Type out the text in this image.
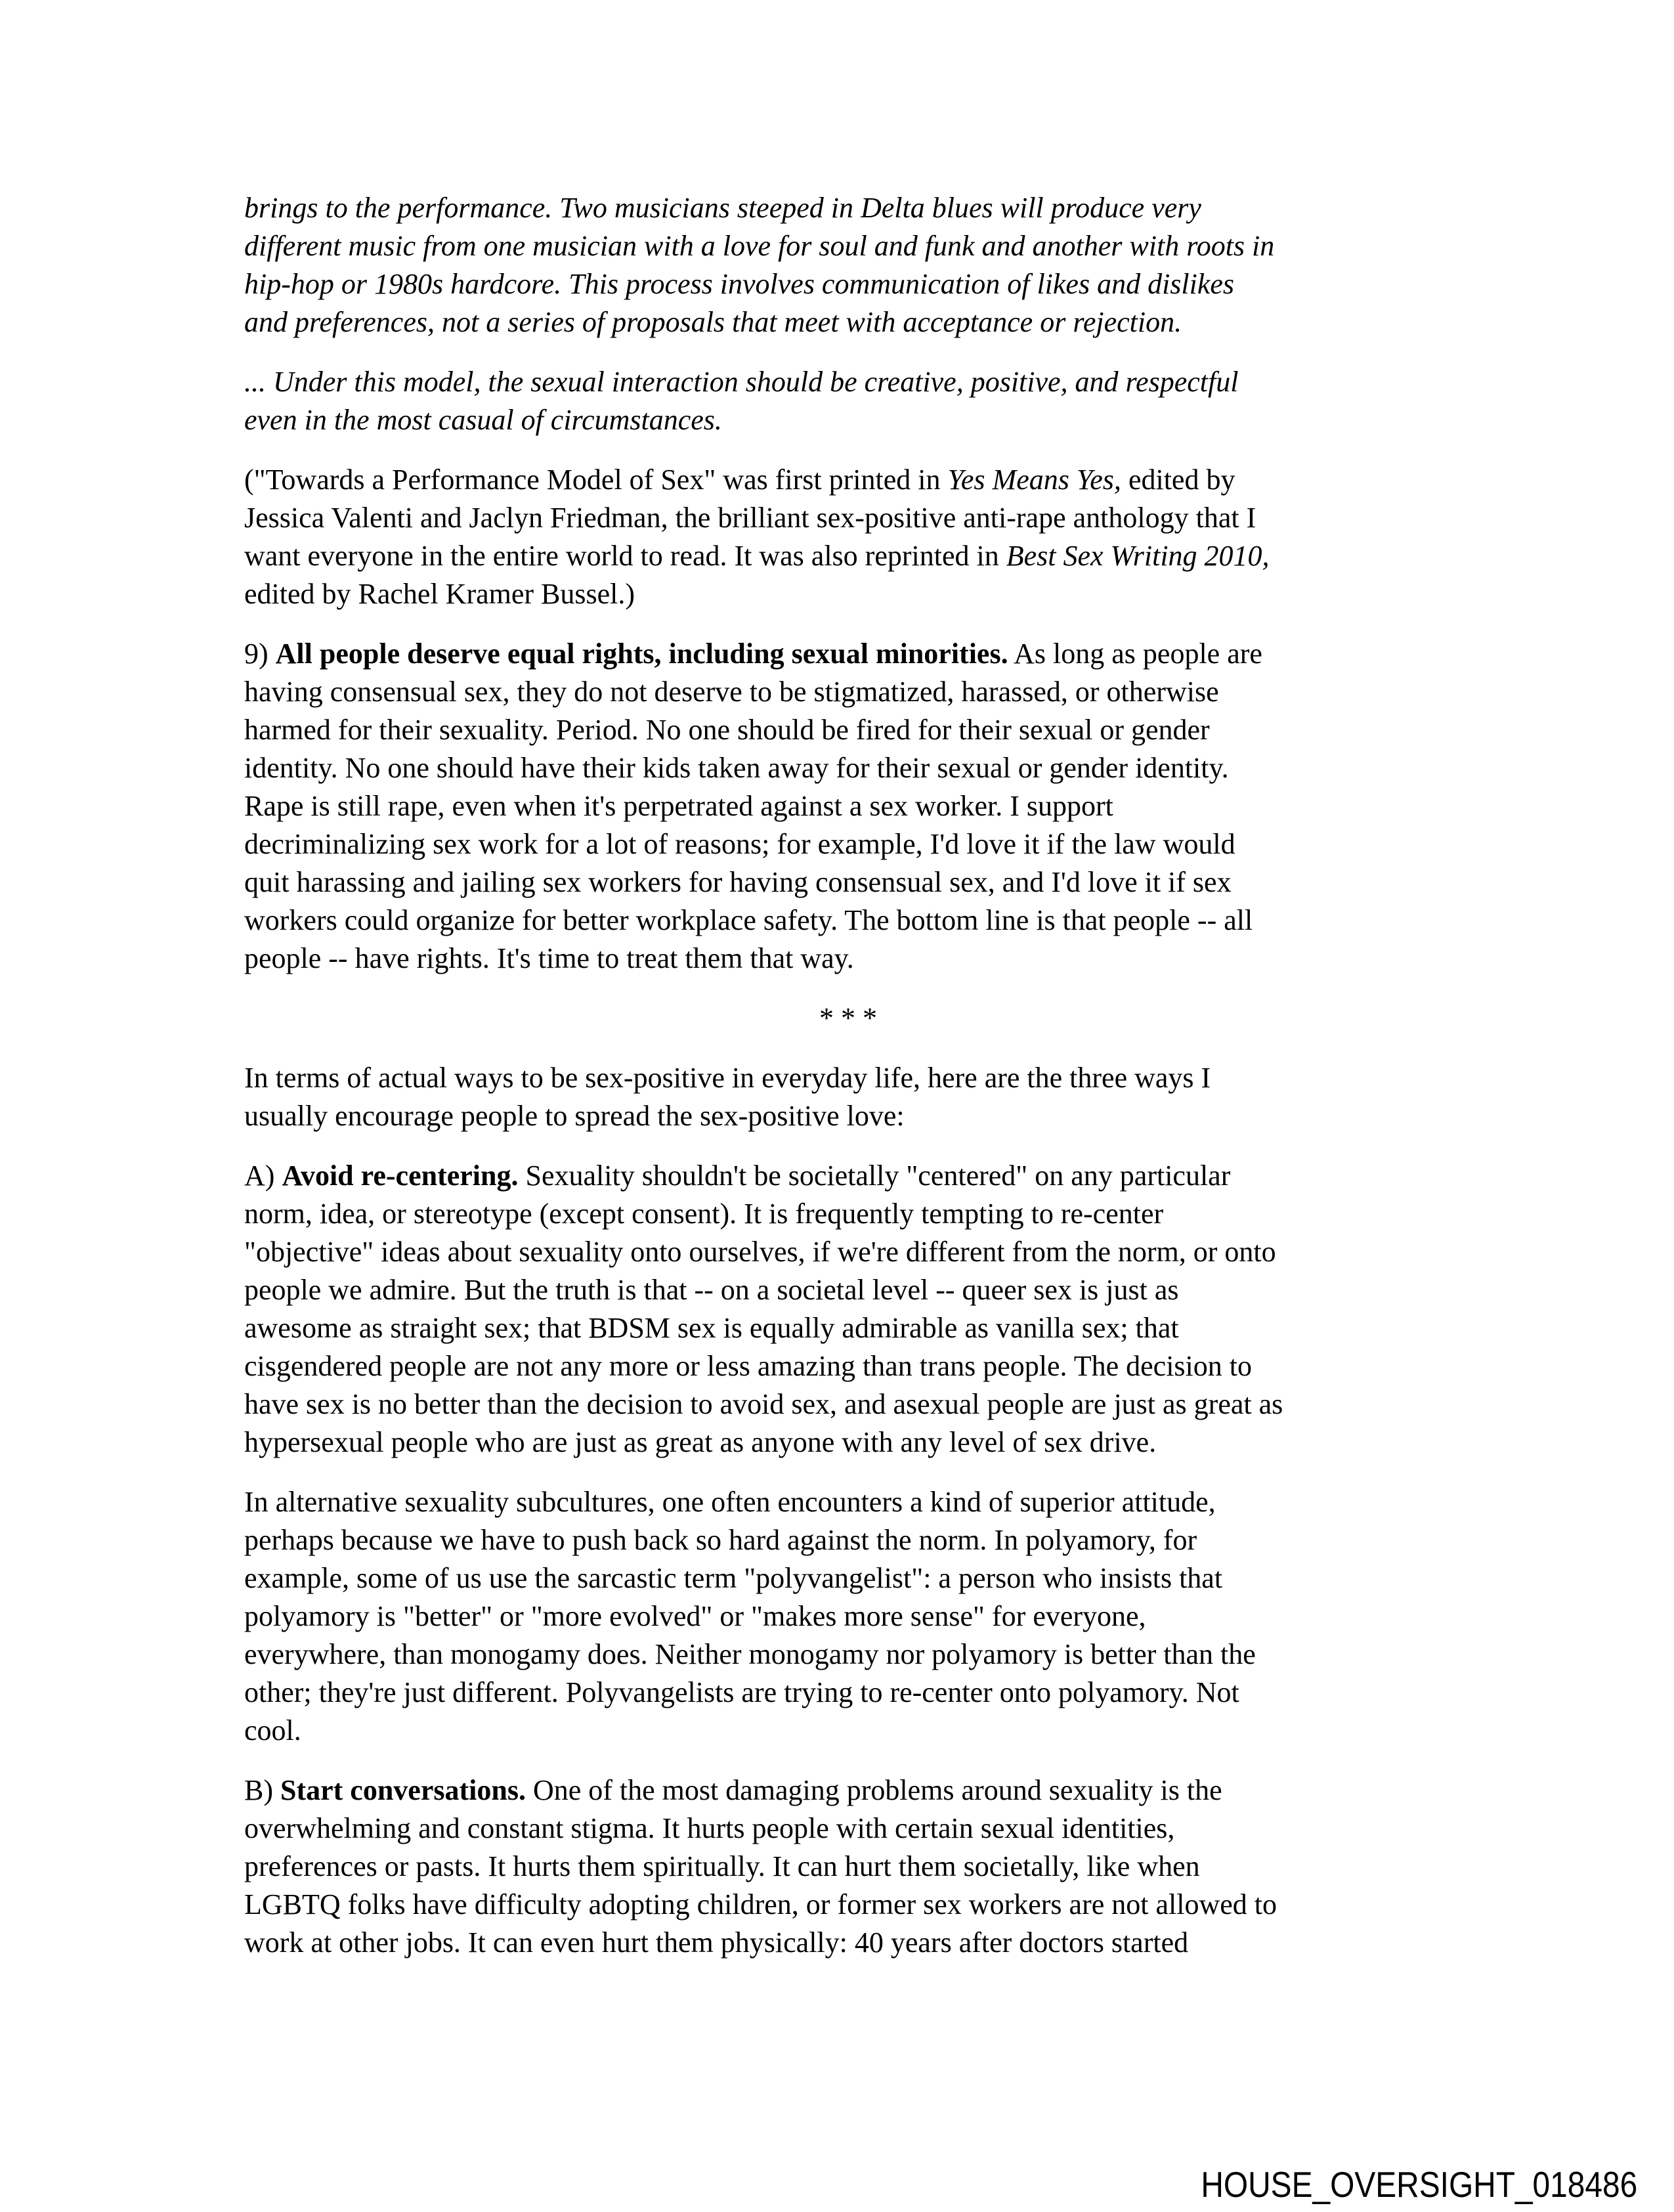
brings to the performance. Two musicians steeped in Delta blues will produce very
different music from one musician with a love for soul and funk and another with roots in
hip-hop or 1980s hardcore. This process involves communication of likes and dislikes
and preferences, not a series of proposals that meet with acceptance or rejection.

... Under this model, the sexual interaction should be creative, positive, and respectful
even in the most casual of circumstances.

("Towards a Performance Model of Sex" was first printed in Yes Means Yes, edited by
Jessica Valenti and Jaclyn Friedman, the brilliant sex-positive anti-rape anthology that I
want everyone in the entire world to read. It was also reprinted in Best Sex Writing 2010,
edited by Rachel Kramer Bussel.)

9) All people deserve equal rights, including sexual minorities. As long as people are
having consensual sex, they do not deserve to be stigmatized, harassed, or otherwise
harmed for their sexuality. Period. No one should be fired for their sexual or gender
identity. No one should have their kids taken away for their sexual or gender identity.
Rape is still rape, even when it's perpetrated against a sex worker. I support
decriminalizing sex work for a lot of reasons; for example, I'd love it if the law would
quit harassing and jailing sex workers for having consensual sex, and I'd love it if sex
workers could organize for better workplace safety. The bottom line is that people -- all
people -- have rights. It's time to treat them that way.

* * *

In terms of actual ways to be sex-positive in everyday life, here are the three ways I
usually encourage people to spread the sex-positive love:

A) Avoid re-centering. Sexuality shouldn't be societally "centered" on any particular
norm, idea, or stereotype (except consent). It is frequently tempting to re-center
"objective" ideas about sexuality onto ourselves, if we're different from the norm, or onto
people we admire. But the truth is that -- on a societal level -- queer sex is just as
awesome as straight sex; that BDSM sex is equally admirable as vanilla sex; that
cisgendered people are not any more or less amazing than trans people. The decision to
have sex is no better than the decision to avoid sex, and asexual people are just as great as
hypersexual people who are just as great as anyone with any level of sex drive.

In alternative sexuality subcultures, one often encounters a kind of superior attitude,
perhaps because we have to push back so hard against the norm. In polyamory, for
example, some of us use the sarcastic term "polyvangelist": a person who insists that
polyamory is "better" or "more evolved" or "makes more sense" for everyone,
everywhere, than monogamy does. Neither monogamy nor polyamory is better than the
other; they're just different. Polyvangelists are trying to re-center onto polyamory. Not
cool.

B) Start conversations. One of the most damaging problems around sexuality is the
overwhelming and constant stigma. It hurts people with certain sexual identities,
preferences or pasts. It hurts them spiritually. It can hurt them societally, like when
LGBTQ folks have difficulty adopting children, or former sex workers are not allowed to
work at other jobs. It can even hurt them physically: 40 years after doctors started

HOUSE_OVERSIGHT_018486
